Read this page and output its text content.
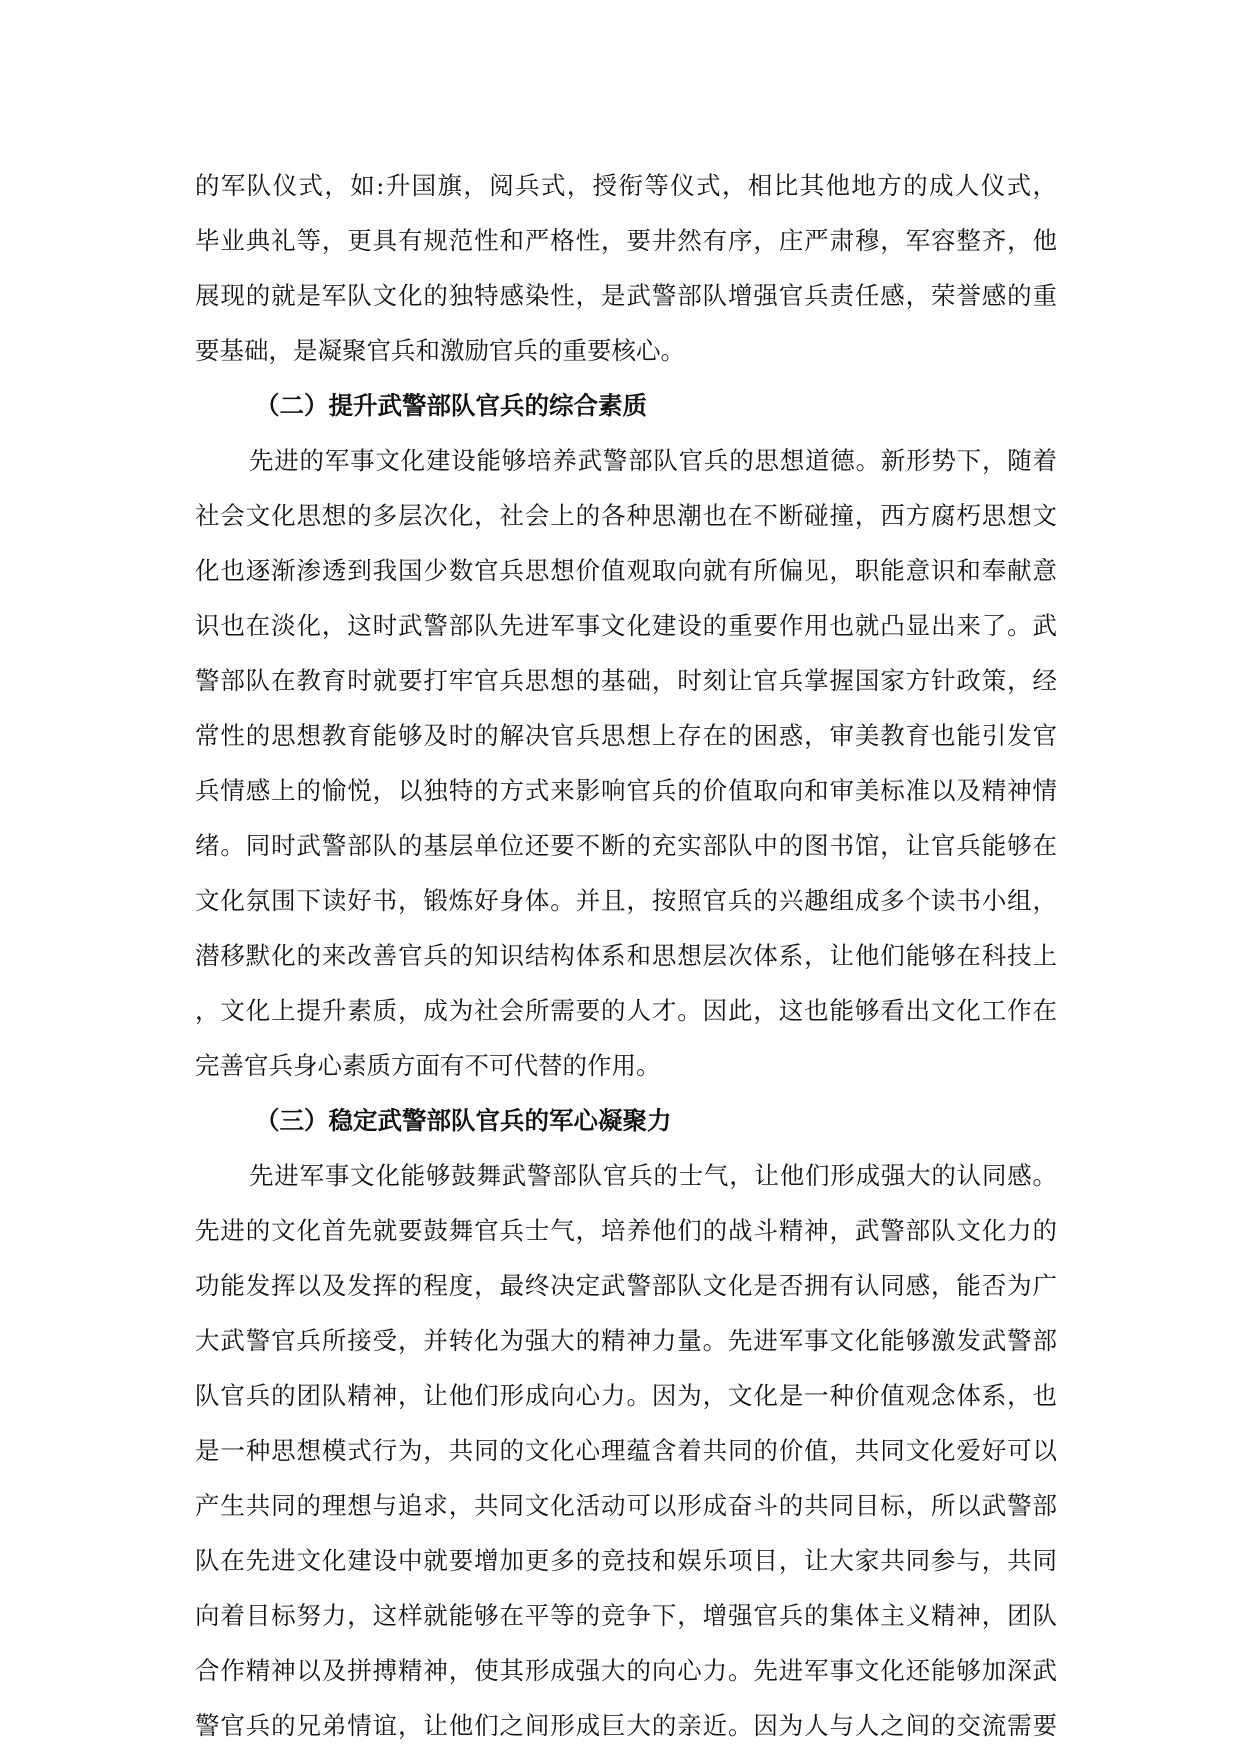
的军队仪式，如:升国旗，阅兵式，授衔等仪式，相比其他地方的成人仪式，
毕业典礼等，更具有规范性和严格性，要井然有序，庄严肃穆，军容整齐，他
展现的就是军队文化的独特感染性，是武警部队增强官兵责任感，荣誉感的重
要基础，是凝聚官兵和激励官兵的重要核心。
（二）提升武警部队官兵的综合素质
先进的军事文化建设能够培养武警部队官兵的思想道德。新形势下，随着
社会文化思想的多层次化，社会上的各种思潮也在不断碰撞，西方腐朽思想文
化也逐渐渗透到我国少数官兵思想价值观取向就有所偏见，职能意识和奉献意
识也在淡化，这时武警部队先进军事文化建设的重要作用也就凸显出来了。武
警部队在教育时就要打牢官兵思想的基础，时刻让官兵掌握国家方针政策，经
常性的思想教育能够及时的解决官兵思想上存在的困惑，审美教育也能引发官
兵情感上的愉悦，以独特的方式来影响官兵的价值取向和审美标准以及精神情
绪。同时武警部队的基层单位还要不断的充实部队中的图书馆，让官兵能够在
文化氛围下读好书，锻炼好身体。并且，按照官兵的兴趣组成多个读书小组，
潜移默化的来改善官兵的知识结构体系和思想层次体系，让他们能够在科技上
，文化上提升素质，成为社会所需要的人才。因此，这也能够看出文化工作在
完善官兵身心素质方面有不可代替的作用。
（三）稳定武警部队官兵的军心凝聚力
先进军事文化能够鼓舞武警部队官兵的士气，让他们形成强大的认同感。
先进的文化首先就要鼓舞官兵士气，培养他们的战斗精神，武警部队文化力的
功能发挥以及发挥的程度，最终决定武警部队文化是否拥有认同感，能否为广
大武警官兵所接受，并转化为强大的精神力量。先进军事文化能够激发武警部
队官兵的团队精神，让他们形成向心力。因为，文化是一种价值观念体系，也
是一种思想模式行为，共同的文化心理蕴含着共同的价值，共同文化爱好可以
产生共同的理想与追求，共同文化活动可以形成奋斗的共同目标，所以武警部
队在先进文化建设中就要增加更多的竞技和娱乐项目，让大家共同参与，共同
向着目标努力，这样就能够在平等的竞争下，增强官兵的集体主义精神，团队
合作精神以及拼搏精神，使其形成强大的向心力。先进军事文化还能够加深武
警官兵的兄弟情谊，让他们之间形成巨大的亲近。因为人与人之间的交流需要
